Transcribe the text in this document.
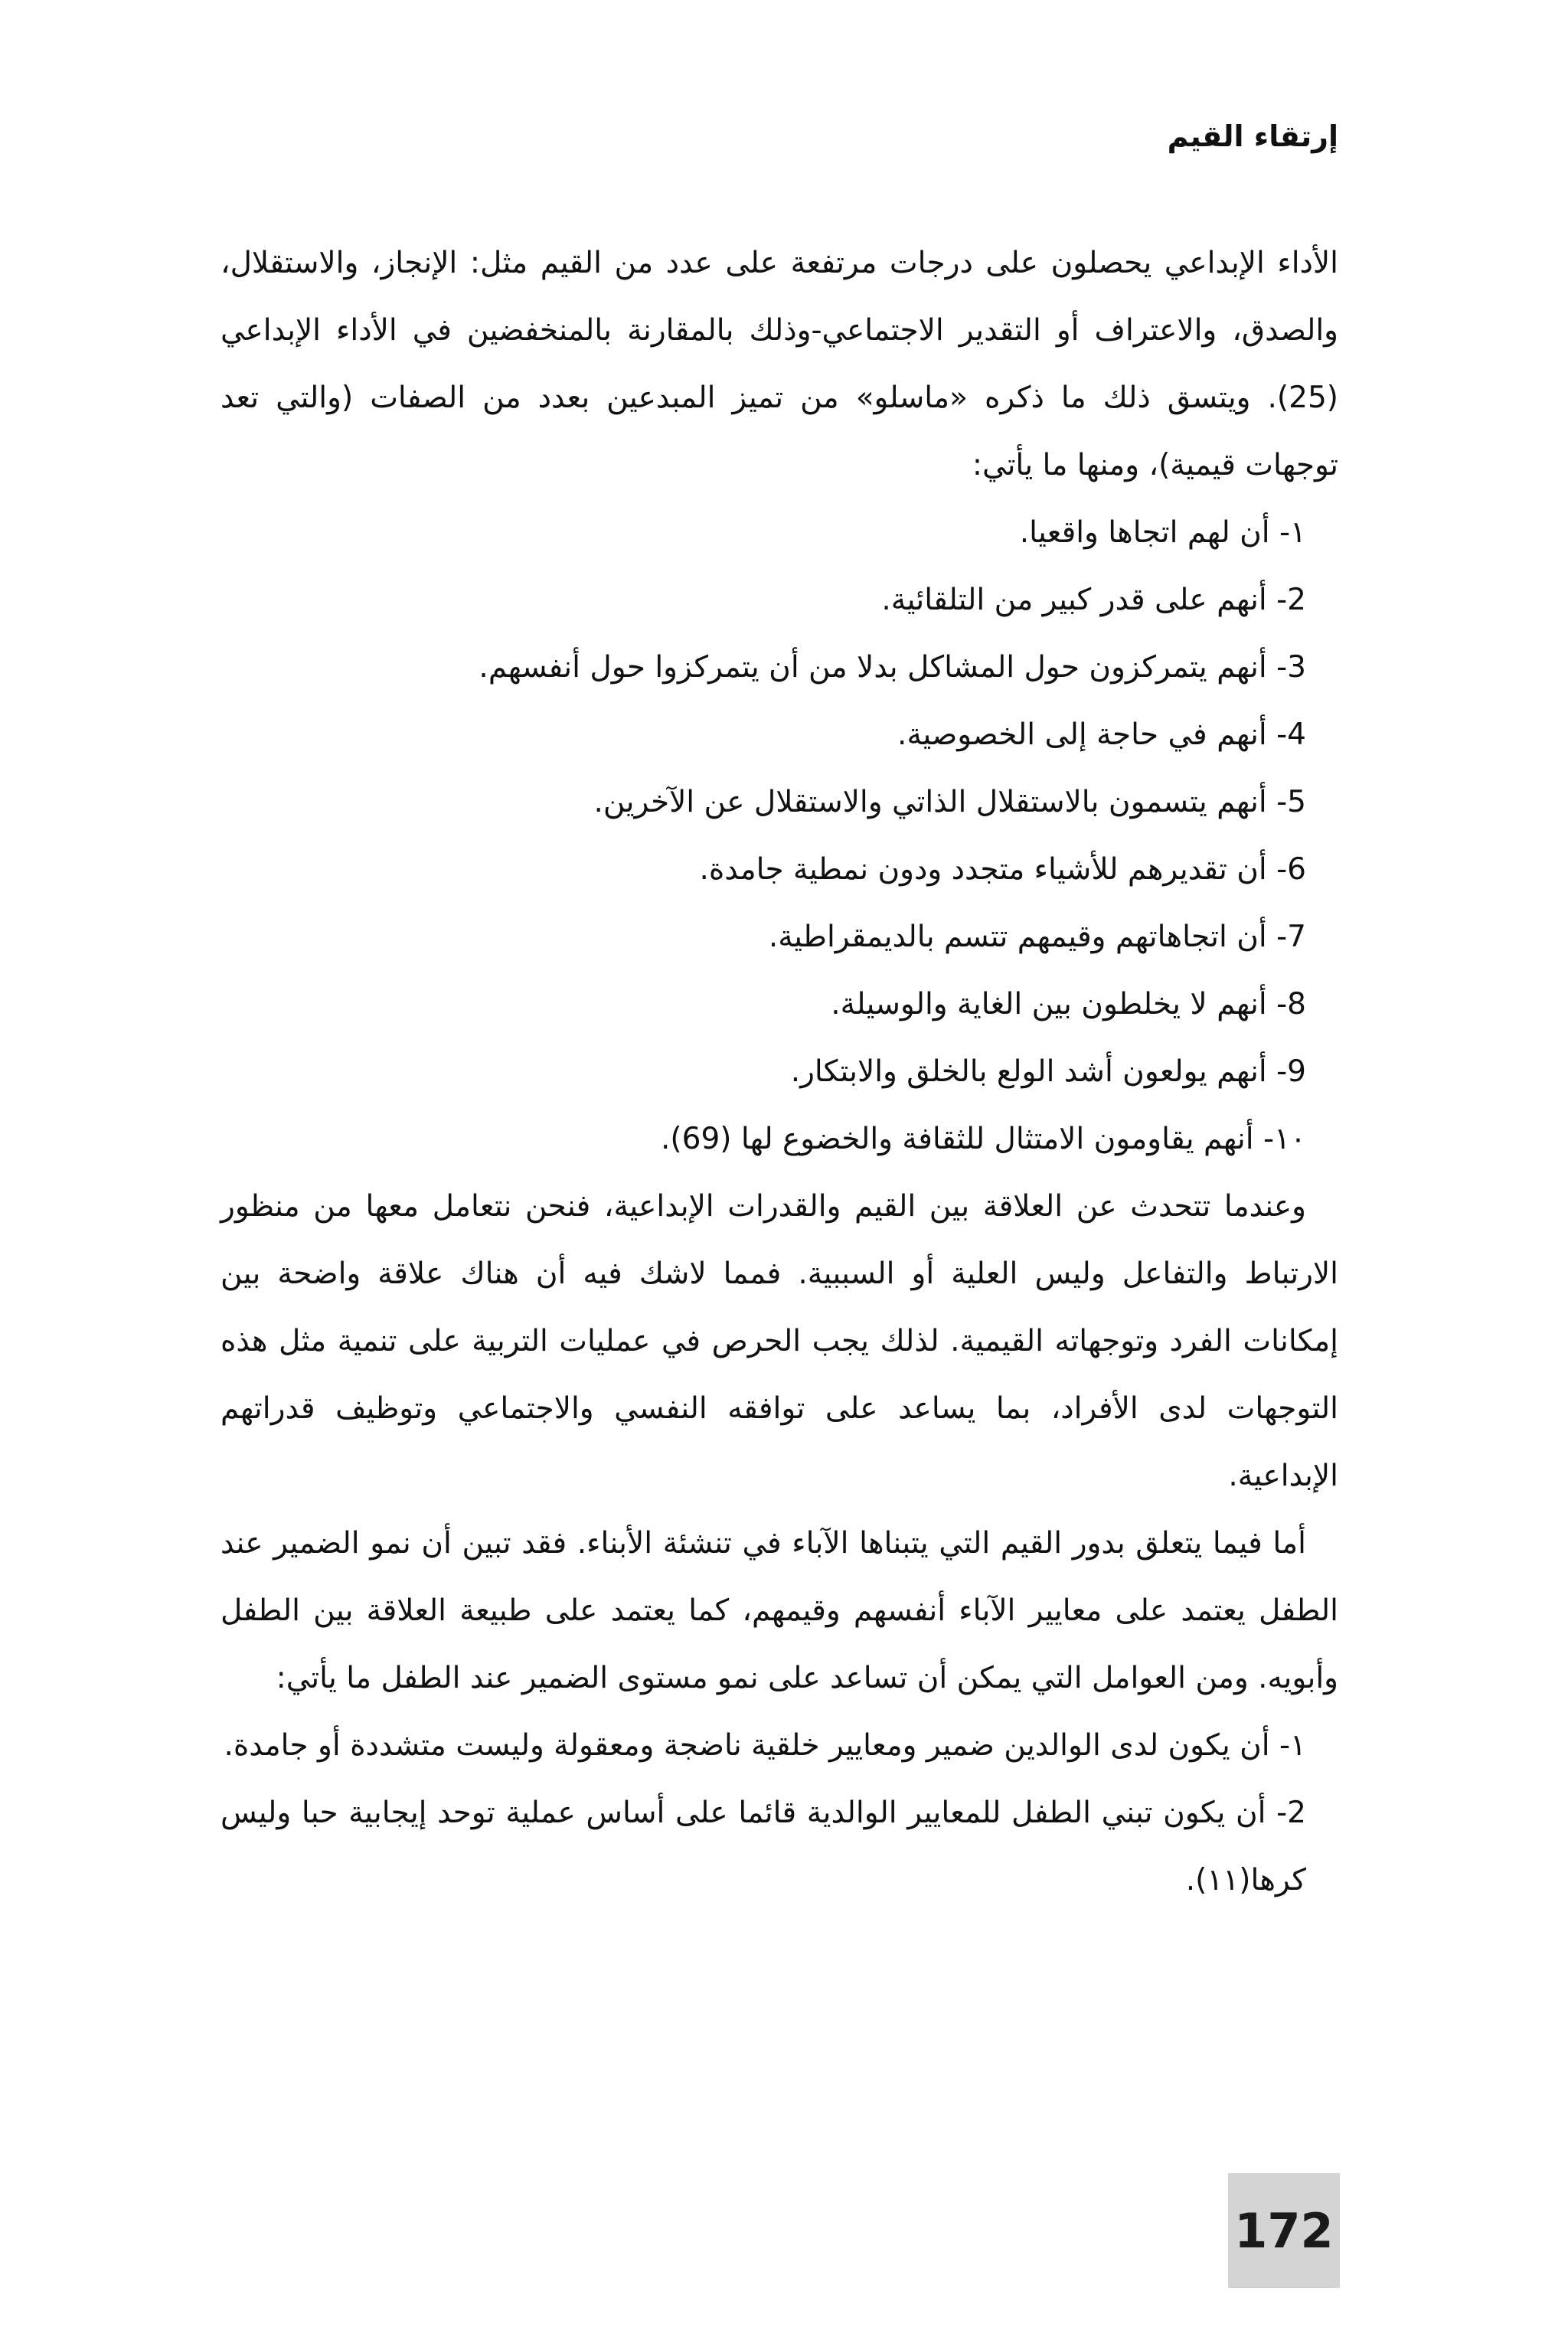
إرتقاء القيم

الأداء الإبداعي يحصلون على درجات مرتفعة على عدد من القيم مثل: الإنجاز، والاستقلال، والصدق، والاعتراف أو التقدير الاجتماعي-وذلك بالمقارنة بالمنخفضين في الأداء الإبداعي (25). ويتسق ذلك ما ذكره «ماسلو» من تميز المبدعين بعدد من الصفات (والتي تعد توجهات قيمية)، ومنها ما يأتي:

١- أن لهم اتجاها واقعيا.

2- أنهم على قدر كبير من التلقائية.

3- أنهم يتمركزون حول المشاكل بدلا من أن يتمركزوا حول أنفسهم.

4- أنهم في حاجة إلى الخصوصية.

5- أنهم يتسمون بالاستقلال الذاتي والاستقلال عن الآخرين.

6- أن تقديرهم للأشياء متجدد ودون نمطية جامدة.

7- أن اتجاهاتهم وقيمهم تتسم بالديمقراطية.

8- أنهم لا يخلطون بين الغاية والوسيلة.

9- أنهم يولعون أشد الولع بالخلق والابتكار.

١٠- أنهم يقاومون الامتثال للثقافة والخضوع لها (69).

وعندما تتحدث عن العلاقة بين القيم والقدرات الإبداعية، فنحن نتعامل معها من منظور الارتباط والتفاعل وليس العلية أو السببية. فمما لاشك فيه أن هناك علاقة واضحة بين إمكانات الفرد وتوجهاته القيمية. لذلك يجب الحرص في عمليات التربية على تنمية مثل هذه التوجهات لدى الأفراد، بما يساعد على توافقه النفسي والاجتماعي وتوظيف قدراتهم الإبداعية.

أما فيما يتعلق بدور القيم التي يتبناها الآباء في تنشئة الأبناء. فقد تبين أن نمو الضمير عند الطفل يعتمد على معايير الآباء أنفسهم وقيمهم، كما يعتمد على طبيعة العلاقة بين الطفل وأبويه. ومن العوامل التي يمكن أن تساعد على نمو مستوى الضمير عند الطفل ما يأتي:

١- أن يكون لدى الوالدين ضمير ومعايير خلقية ناضجة ومعقولة وليست متشددة أو جامدة.

2- أن يكون تبني الطفل للمعايير الوالدية قائما على أساس عملية توحد إيجابية حبا وليس كرها(١١).

172
